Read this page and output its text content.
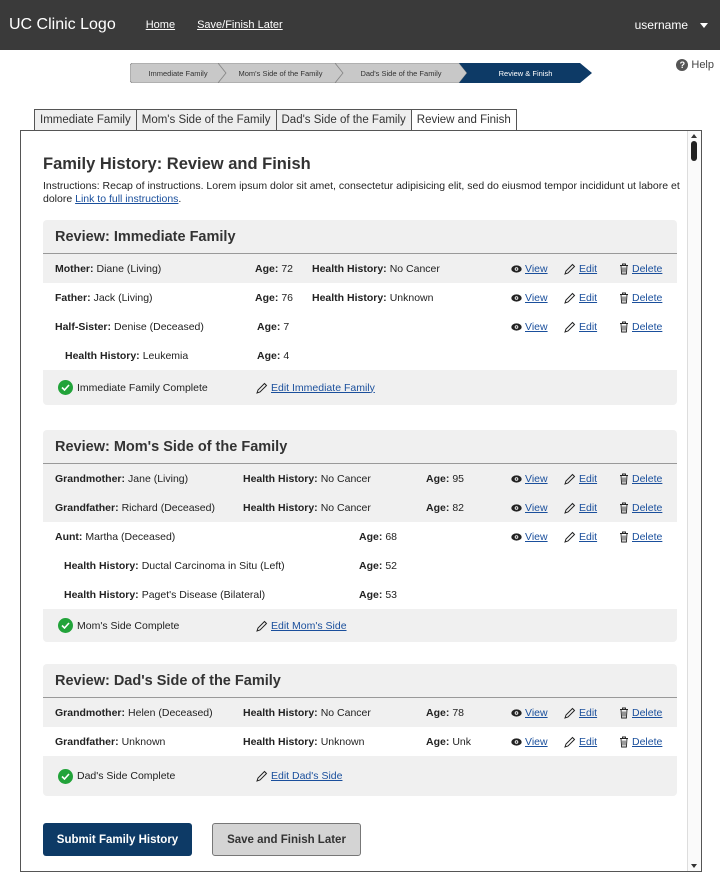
UC Clinic Logo	Home Save/Finish Later	username
Immediate Family	Mom's Side of the Family	Dad's Side of the Family	Review & Finish
? Help
Immediate Family Mom's Side of the Family Dad's Side of the Family Review and Finish
Family History: Review and Finish

Instructions: Recap of instructions. Lorem ipsum dolor sit amet, consectetur adipisicing elit, sed do eiusmod tempor incididunt ut labore et dolore Link to full instructions.

Review: Immediate Family
Mother: Diane (Living)	Age: 72 Health History: No Cancer	View	Edit	Delete
Father: Jack (Living)	Age: 76 Health History: Unknown	View	Edit	Delete
Half-Sister: Denise (Deceased)	Age: 7	View	Edit	Delete
Health History: Leukemia	Age: 4
Immediate Family Complete	Edit Immediate Family
Review: Mom's Side of the Family
Grandmother: Jane (Living)	Health History: No Cancer	Age: 95	View	Edit	Delete
Grandfather: Richard (Deceased)	Health History: No Cancer	Age: 82	View	Edit	Delete
Aunt: Martha (Deceased)	Age: 68	View	Edit	Delete
Health History: Ductal Carcinoma in Situ (Left)	Age: 52
Health History: Paget's Disease (Bilateral)	Age: 53
Mom's Side Complete	Edit Mom's Side
Review: Dad's Side of the Family
Grandmother: Helen (Deceased)	Health History: No Cancer	Age: 78	View	Edit	Delete
Grandfather: Unknown	Health History: Unknown	Age: Unk	View	Edit	Delete
Dad's Side Complete	Edit Dad's Side
Submit Family History	Save and Finish Later
